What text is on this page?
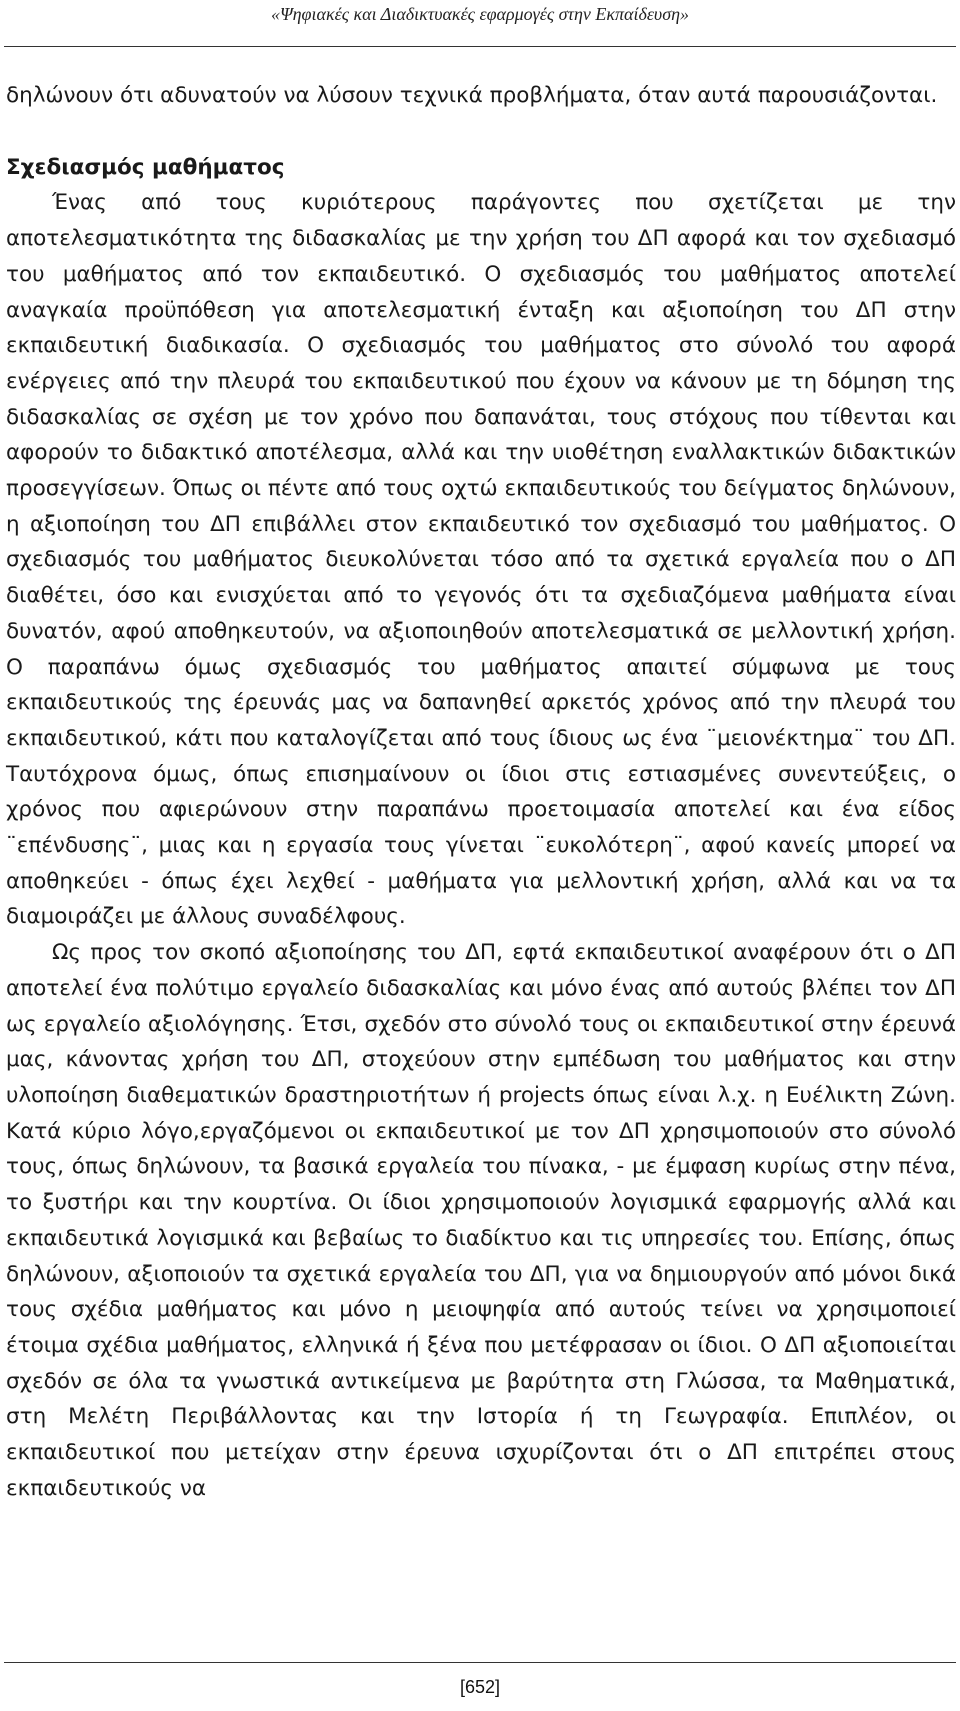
«Ψηφιακές και Διαδικτυακές εφαρμογές στην Εκπαίδευση»

δηλώνουν ότι αδυνατούν να λύσουν τεχνικά προβλήματα, όταν αυτά παρουσιάζονται.

Σχεδιασμός μαθήματος

Ένας από τους κυριότερους παράγοντες που σχετίζεται με την αποτελεσματικότητα της διδασκαλίας με την χρήση του ΔΠ αφορά και τον σχεδιασμό του μαθήματος από τον εκπαιδευτικό. Ο σχεδιασμός του μαθήματος αποτελεί αναγκαία προϋπόθεση για αποτελεσματική ένταξη και αξιοποίηση του ΔΠ στην εκπαιδευτική διαδικασία. Ο σχεδιασμός του μαθήματος στο σύνολό του αφορά ενέργειες από την πλευρά του εκπαιδευτικού που έχουν να κάνουν με τη δόμηση της διδασκαλίας σε σχέση με τον χρόνο που δαπανάται, τους στόχους που τίθενται και αφορούν το διδακτικό αποτέλεσμα, αλλά και την υιοθέτηση εναλλακτικών διδακτικών προσεγγίσεων. Όπως οι πέντε από τους οχτώ εκπαιδευτικούς του δείγματος δηλώνουν, η αξιοποίηση του ΔΠ επιβάλλει στον εκπαιδευτικό τον σχεδιασμό του μαθήματος. Ο σχεδιασμός του μαθήματος διευκολύνεται τόσο από τα σχετικά εργαλεία που ο ΔΠ διαθέτει, όσο και ενισχύεται από το γεγονός ότι τα σχεδιαζόμενα μαθήματα είναι δυνατόν, αφού αποθηκευτούν, να αξιοποιηθούν αποτελεσματικά σε μελλοντική χρήση. Ο παραπάνω όμως σχεδιασμός του μαθήματος απαιτεί σύμφωνα με τους εκπαιδευτικούς της έρευνάς μας να δαπανηθεί αρκετός χρόνος από την πλευρά του εκπαιδευτικού, κάτι που καταλογίζεται από τους ίδιους ως ένα ¨μειονέκτημα¨ του ΔΠ. Ταυτόχρονα όμως, όπως επισημαίνουν οι ίδιοι στις εστιασμένες συνεντεύξεις, ο χρόνος που αφιερώνουν στην παραπάνω προετοιμασία αποτελεί και ένα είδος ¨επένδυσης¨, μιας και η εργασία τους γίνεται ¨ευκολότερη¨, αφού κανείς μπορεί να αποθηκεύει - όπως έχει λεχθεί - μαθήματα για μελλοντική χρήση, αλλά και να τα διαμοιράζει με άλλους συναδέλφους.

Ως προς τον σκοπό αξιοποίησης του ΔΠ, εφτά εκπαιδευτικοί αναφέρουν ότι ο ΔΠ αποτελεί ένα πολύτιμο εργαλείο διδασκαλίας και μόνο ένας από αυτούς βλέπει τον ΔΠ ως εργαλείο αξιολόγησης. Έτσι, σχεδόν στο σύνολό τους οι εκπαιδευτικοί στην έρευνά μας, κάνοντας χρήση του ΔΠ, στοχεύουν στην εμπέδωση του μαθήματος και στην υλοποίηση διαθεματικών δραστηριοτήτων ή projects όπως είναι λ.χ. η Ευέλικτη Ζώνη. Κατά κύριο λόγο,εργαζόμενοι οι εκπαιδευτικοί με τον ΔΠ χρησιμοποιούν στο σύνολό τους, όπως δηλώνουν, τα βασικά εργαλεία του πίνακα, - με έμφαση κυρίως στην πένα, το ξυστήρι και την κουρτίνα. Οι ίδιοι χρησιμοποιούν λογισμικά εφαρμογής αλλά και εκπαιδευτικά λογισμικά και βεβαίως το διαδίκτυο και τις υπηρεσίες του. Επίσης, όπως δηλώνουν, αξιοποιούν τα σχετικά εργαλεία του ΔΠ, για να δημιουργούν από μόνοι δικά τους σχέδια μαθήματος και μόνο η μειοψηφία από αυτούς τείνει να χρησιμοποιεί έτοιμα σχέδια μαθήματος, ελληνικά ή ξένα που μετέφρασαν οι ίδιοι. Ο ΔΠ αξιοποιείται σχεδόν σε όλα τα γνωστικά αντικείμενα με βαρύτητα στη Γλώσσα, τα Μαθηματικά, στη Μελέτη Περιβάλλοντας και την Ιστορία ή τη Γεωγραφία. Επιπλέον, οι εκπαιδευτικοί που μετείχαν στην έρευνα ισχυρίζονται ότι ο ΔΠ επιτρέπει στους εκπαιδευτικούς να

[652]
